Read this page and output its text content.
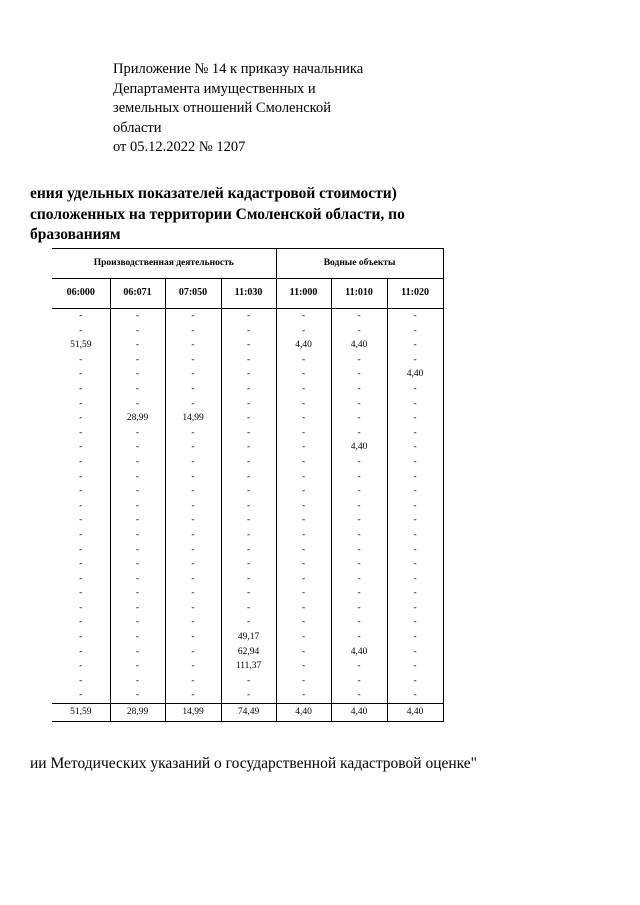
Приложение № 14 к приказу начальника
Департамента имущественных и
земельных отношений Смоленской
области
от 05.12.2022 № 1207
ения удельных показателей кадастровой стоимости)
сположенных на территории Смоленской области, по
бразованиям
Производственная деятельность				Водные объекты		
06:000	06:071	07:050	11:030	11:000	11:010	11:020
-	-	-	-	-	-	-
-	-	-	-	-	-	-
51,59	-	-	-	4,40	4,40	-
-	-	-	-	-	-	-
-	-	-	-	-	-	4,40
-	-	-	-	-	-	-
-	-	-	-	-	-	-
-	28,99	14,99	-	-	-	-
-	-	-	-	-	-	-
-	-	-	-	-	4,40	-
-	-	-	-	-	-	-
-	-	-	-	-	-	-
-	-	-	-	-	-	-
-	-	-	-	-	-	-
-	-	-	-	-	-	-
-	-	-	-	-	-	-
-	-	-	-	-	-	-
-	-	-	-	-	-	-
-	-	-	-	-	-	-
-	-	-	-	-	-	-
-	-	-	-	-	-	-
-	-	-	-	-	-	-
-	-	-	49,17	-	-	-
-	-	-	62,94	-	4,40	-
-	-	-	111,37	-	-	-
-	-	-	-	-	-	-
-	-	-	-	-	-	-
51,59	28,99	14,99	74,49	4,40	4,40	4,40
ии Методических указаний о государственной кадастровой оценке"
